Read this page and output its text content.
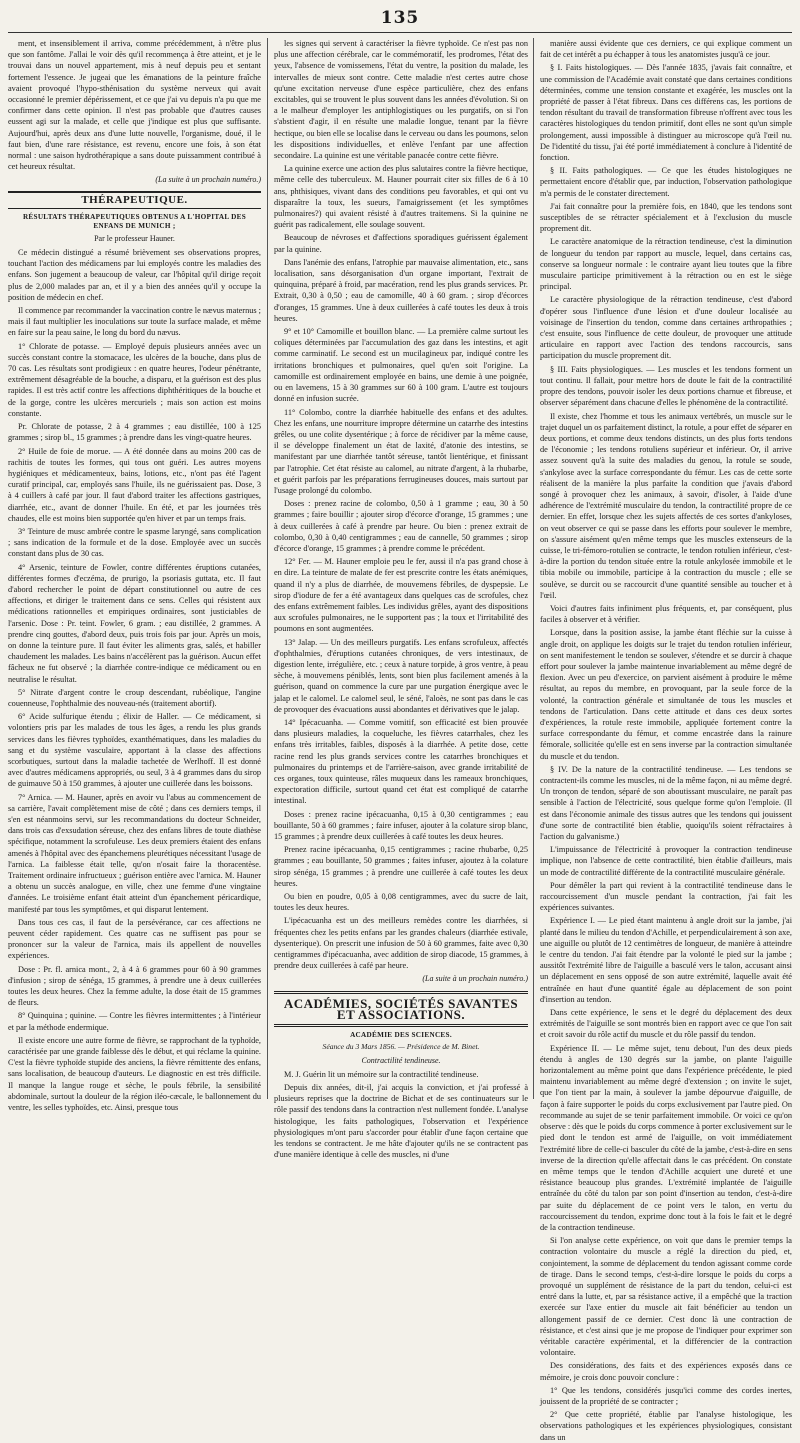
135

ment, et insensiblement il arriva, comme précédemment, à n'être plus que son fantôme. J'allai le voir dès qu'il recommença à être atteint, et je le trouvai dans un nouvel appartement, mis à neuf depuis peu et sentant fortement l'essence. Je jugeai que les émanations de la peinture fraîche avaient provoqué l'hypo-sthénisation du système nerveux qui avait occasionné le premier dépérissement, et ce que j'ai vu depuis n'a pu que me confirmer dans cette opinion. Il n'est pas probable que d'autres causes eussent agi sur la malade, et celle que j'indique est plus que suffisante. Aujourd'hui, après deux ans d'une lutte nouvelle, l'organisme, doué, il le faut bien, d'une rare résistance, est revenu, encore une fois, à son état normal : une saison hydrothérapique a sans doute puissamment contribué à cet heureux résultat.

(La suite à un prochain numéro.)
THÉRAPEUTIQUE.
RÉSULTATS THÉRAPEUTIQUES OBTENUS A L'HOPITAL DES ENFANS DE MUNICH ;
Par le professeur Hauner.

Ce médecin distingué a résumé brièvement ses observations propres, touchant l'action des médicamens par lui employés contre les maladies des enfans. Son jugement a beaucoup de valeur, car l'hôpital qu'il dirige reçoit plus de 2,000 malades par an, et il y a bien des années qu'il y occupe la position de médecin en chef.

Il commence par recommander la vaccination contre le nævus maternus ; mais il faut multiplier les inoculations sur toute la surface malade, et même en faire sur la peau saine, le long du bord du nævus.

1° Chlorate de potasse. — Employé depuis plusieurs années avec un succès constant contre la stomacace, les ulcères de la bouche, dans plus de 70 cas. Les résultats sont prodigieux : en quatre heures, l'odeur pénétrante, extrêmement désagréable de la bouche, a disparu, et la guérison est des plus rapides. Il est très actif contre les affections diphthéritiques de la bouche et de la gorge, contre les ulcères mercuriels ; mais son action est moins constante.

Pr. Chlorate de potasse, 2 à 4 grammes ; eau distillée, 100 à 125 grammes ; sirop bl., 15 grammes ; à prendre dans les vingt-quatre heures.

2° Huile de foie de morue. — A été donnée dans au moins 200 cas de rachitis de toutes les formes, qui tous ont guéri. Les autres moyens hygiéniques et médicamenteux, bains, lotions, etc., n'ont pas été l'agent curatif principal, car, employés sans l'huile, ils ne guérissaient pas. Dose, 3 à 4 cuillers à café par jour. Il faut d'abord traiter les affections gastriques, diarrhée, etc., avant de donner l'huile. En été, et par les journées très chaudes, elle est moins bien supportée qu'en hiver et par un temps frais.

3° Teinture de musc ambrée contre le spasme laryngé, sans complication ; sans indication de la formule et de la dose. Employée avec un succès constant dans plus de 30 cas.

4° Arsenic, teinture de Fowler, contre différentes éruptions cutanées, différentes formes d'eczéma, de prurigo, la psoriasis guttata, etc. Il faut d'abord rechercher le point de départ constitutionnel ou autre de ces affections, et diriger le traitement dans ce sens. Celles qui résistent aux médications rationnelles et empiriques ordinaires, sont justiciables de l'arsenic. Dose : Pr. teint. Fowler, 6 gram. ; eau distillée, 2 grammes. A prendre cinq gouttes, d'abord deux, puis trois fois par jour. Après un mois, on donne la teinture pure. Il faut éviter les aliments gras, salés, et habiller chaudement les malades. Les bains n'accélèrent pas la guérison. Aucun effet fâcheux ne fut observé ; la diarrhée contre-indique ce médicament ou en neutralise le résultat.

5° Nitrate d'argent contre le croup descendant, rubéolique, l'angine couenneuse, l'ophthalmie des nouveau-nés (traitement abortif).

6° Acide sulfurique étendu ; élixir de Haller. — Ce médicament, si volontiers pris par les malades de tous les âges, a rendu les plus grands services dans les fièvres typhoïdes, exanthématiques, dans les maladies du sang et du système vasculaire, apportant à la classe des affections scorbutiques, surtout dans la maladie tachetée de Werlhoff. Il est donné avec d'autres médicamens appropriés, ou seul, 3 à 4 grammes dans du sirop de guimauve 50 à 150 grammes, à ajouter une cuillerée dans les boissons.

7° Arnica. — M. Hauner, après en avoir vu l'abus au commencement de sa carrière, l'avait complètement mise de côté ; dans ces derniers temps, il s'en est néanmoins servi, sur les recommandations du docteur Schneider, dans trois cas d'exsudation séreuse, chez des enfans libres de toute diathèse spécifique, notamment la scrofuleuse. Les deux premiers étaient des enfans amenés à l'hôpital avec des épanchemens pleurétiques nécessitant l'usage de l'arnica. La faiblesse était telle, qu'on n'osait faire la thoracentèse. Traitement ordinaire infructueux ; guérison entière avec l'arnica. M. Hauner a obtenu un succès analogue, en ville, chez une femme d'une vingtaine d'années. Le troisième enfant était atteint d'un épanchement péricardique, manifesté par tous les symptômes, et qui disparut lentement.

Dans tous ces cas, il faut de la persévérance, car ces affections ne peuvent céder rapidement. Ces quatre cas ne suffisent pas pour se prononcer sur la valeur de l'arnica, mais ils appellent de nouvelles expériences.

Dose : Pr. fl. arnica mont., 2, à 4 à 6 grammes pour 60 à 90 grammes d'infusion ; sirop de sénéga, 15 grammes, à prendre une à deux cuillerées toutes les deux heures. Chez la femme adulte, la dose était de 15 grammes de fleurs.

8° Quinquina ; quinine. — Contre les fièvres intermittentes ; à l'intérieur et par la méthode endermique.

Il existe encore une autre forme de fièvre, se rapprochant de la typhoïde, caractérisée par une grande faiblesse dès le début, et qui réclame la quinine. C'est la fièvre typhoïde stupide des anciens, la fièvre rémittente des enfans, sans localisation, de beaucoup d'auteurs. Le diagnostic en est très difficile. Il manque la langue rouge et sèche, le pouls fébrile, la sensibilité abdominale, surtout la douleur de la région iléo-cæcale, le ballonnement du ventre, les selles typhoïdes, etc. Ainsi, presque tous

les signes qui servent à caractériser la fièvre typhoïde. Ce n'est pas non plus une affection cérébrale, car le commémoratif, les prodromes, l'état des yeux, l'absence de vomissemens, l'état du ventre, la position du malade, les intervalles de mieux sont contre. Cette maladie n'est certes autre chose qu'une excitation nerveuse d'une espèce particulière, chez des enfans excitables, qui se trouvent le plus souvent dans les années d'évolution. Si on a le malheur d'employer les antiphlogistiques ou les purgatifs, on si l'on s'abstient d'agir, il en résulte une maladie longue, tenant par la fièvre hectique, ou bien elle se localise dans le cerveau ou dans les poumons, selon les dispositions individuelles, et enlève l'enfant par une affection secondaire. La quinine est une véritable panacée contre cette fièvre.

La quinine exerce une action des plus salutaires contre la fièvre hectique, même celle des tuberculeux. M. Hauner pourrait citer six filles de 6 à 10 ans, phthisiques, vivant dans des conditions peu favorables, et qui ont vu disparaître la toux, les sueurs, l'amaigrissement (et les symptômes pulmonaires?) qui avaient résisté à d'autres traitemens. Si la quinine ne guérit pas radicalement, elle soulage souvent.

Beaucoup de névroses et d'affections sporadiques guérissent également par la quinine.

Dans l'anémie des enfans, l'atrophie par mauvaise alimentation, etc., sans localisation, sans désorganisation d'un organe important, l'extrait de quinquina, préparé à froid, par macération, rend les plus grands services. Pr. Extrait, 0,30 à 0,50 ; eau de camomille, 40 à 60 gram. ; sirop d'écorces d'oranges, 15 grammes. Une à deux cuillerées à café toutes les deux à trois heures.

9° et 10° Camomille et bouillon blanc. — La première calme surtout les coliques déterminées par l'accumulation des gaz dans les intestins, et agit comme carminatif. Le second est un mucilagineux par, indiqué contre les irritations bronchiques et pulmonaires, quel qu'en soit l'origine. La camomille est ordinairement employée en bains, une demie à une poignée, ou en lavemens, 15 à 30 grammes sur 60 à 100 gram. L'autre est toujours donné en infusion sucrée.

11° Colombo, contre la diarrhée habituelle des enfans et des adultes. Chez les enfans, une nourriture impropre détermine un catarrhe des intestins grêles, ou une colite dysentérique ; à force de récidiver par la même cause, il se développe finalement un état de laxité, d'atonie des intestins, se manifestant par une diarrhée tantôt séreuse, tantôt lientérique, et finissant par l'atrophie. Cet état résiste au calomel, au nitrate d'argent, à la rhubarbe, et guérit parfois par les préparations ferrugineuses douces, mais surtout par l'usage prolongé du colombo.

Doses : prenez racine de colombo, 0,50 à 1 gramme ; eau, 30 à 50 grammes ; faire bouillir ; ajouter sirop d'écorce d'orange, 15 grammes ; une à deux cuillerées à café à prendre par heure. Ou bien : prenez extrait de colombo, 0,30 à 0,40 centigrammes ; eau de cannelle, 50 grammes ; sirop d'écorce d'orange, 15 grammes ; à prendre comme le précédent.

12° Fer. — M. Hauner emploie peu le fer, aussi il n'a pas grand chose à en dire. La teinture de malate de fer est prescrite contre les états anémiques, quand il n'y a plus de diarrhée, de mouvemens fébriles, de dyspepsie. Le sirop d'iodure de fer a été avantageux dans quelques cas de scrofules, chez des enfans extrêmement faibles. Les individus grêles, ayant des dispositions aux scrofules pulmonaires, ne le supportent pas ; la toux et l'irritabilité des poumons en sont augmentées.

13° Jalap. — Un des meilleurs purgatifs. Les enfans scrofuleux, affectés d'ophthalmies, d'éruptions cutanées chroniques, de vers intestinaux, de digestion lente, irrégulière, etc. ; ceux à nature torpide, à gros ventre, à peau sèche, à mouvemens péniblés, lents, sont bien plus facilement amenés à la guérison, quand on commence la cure par une purgation énergique avec le jalap et le calomel. Le calomel seul, le séné, l'aloès, ne sont pas dans le cas de provoquer des évacuations aussi abondantes et dérivatives que le jalap.

14° Ipécacuanha. — Comme vomitif, son efficacité est bien prouvée dans plusieurs maladies, la coqueluche, les fièvres catarrhales, chez les enfans très irritables, faibles, disposés à la diarrhée. A petite dose, cette racine rend les plus grands services contre les catarrhes bronchiques et pulmonaires du printemps et de l'arrière-saison, avec grande irritabilité de ces organes, toux quinteuse, râles muqueux dans les rameaux bronchiques, expectoration difficile, surtout quand cet état est compliqué de catarrhe intestinal.

Doses : prenez racine ipécacuanha, 0,15 à 0,30 centigrammes ; eau bouillante, 50 à 60 grammes ; faire infuser, ajouter à la colature sirop blanc, 15 grammes ; à prendre deux cuillerées à café toutes les deux heures.

Prenez racine ipécacuanha, 0,15 centigrammes ; racine rhubarbe, 0,25 grammes ; eau bouillante, 50 grammes ; faites infuser, ajoutez à la colature sirop sénéga, 15 grammes ; à prendre une cuillerée à café toutes les deux heures.

Ou bien en poudre, 0,05 à 0,08 centigrammes, avec du sucre de lait, toutes les deux heures.

L'ipécacuanha est un des meilleurs remèdes contre les diarrhées, si fréquentes chez les petits enfans par les grandes chaleurs (diarrhée estivale, dysenterique). On prescrit une infusion de 50 à 60 grammes, faite avec 0,30 centigrammes d'ipécacuanha, avec addition de sirop diacode, 15 grammes, à prendre deux cuillerées à café par heure.

(La suite à un prochain numéro.)
ACADÉMIES, SOCIÉTÉS SAVANTES ET ASSOCIATIONS.
ACADÉMIE DES SCIENCES.
Séance du 3 Mars 1856. — Présidence de M. Binet.
Contractilité tendineuse.

M. J. Guérin lit un mémoire sur la contractilité tendineuse.

Depuis dix années, dit-il, j'ai acquis la conviction, et j'ai professé à plusieurs reprises que la doctrine de Bichat et de ses continuateurs sur le rôle passif des tendons dans la contraction n'est nullement fondée. L'analyse histologique, les faits pathologiques, l'observation et l'expérience physiologiques m'ont paru s'accorder pour établir d'une façon certaine que les tendons se contractent. Je me hâte d'ajouter qu'ils ne se contractent pas d'une manière identique à celle des muscles, ni d'une

manière aussi évidente que ces derniers, ce qui explique comment un fait de cet intérêt a pu échapper à tous les anatomistes jusqu'à ce jour.

§ I. Faits histologiques. — Dès l'année 1835, j'avais fait connaître, et une commission de l'Académie avait constaté que dans certaines conditions déterminées, comme une tension constante et exagérée, les muscles ont la propriété de passer à l'état fibreux. Dans ces différens cas, les portions de tendon résultant du travail de transformation fibreuse n'offrent avec tous les caractères histologiques du tendon primitif, dont elles ne sont qu'un simple prolongement, aussi impossible à distinguer au microscope qu'à l'œil nu. De l'identité du tissu, j'ai été porté immédiatement à conclure à l'identité de fonction.

§ II. Faits pathologiques. — Ce que les études histologiques ne permettaient encore d'établir que, par induction, l'observation pathologique m'a permis de le constater directement.

J'ai fait connaître pour la première fois, en 1840, que les tendons sont susceptibles de se rétracter spécialement et à l'exclusion du muscle proprement dit.

Le caractère anatomique de la rétraction tendineuse, c'est la diminution de longueur du tendon par rapport au muscle, lequel, dans certains cas, conserve sa longueur normale : le contraire ayant lieu toutes que la fibre musculaire participe primitivement à la rétraction ou en est le siège principal.

Le caractère physiologique de la rétraction tendineuse, c'est d'abord d'opérer sous l'influence d'une lésion et d'une douleur localisée au voisinage de l'insertion du tendon, comme dans certaines arthropathies ; c'est ensuite, sous l'influence de cette douleur, de provoquer une attitude articulaire en rapport avec l'action des tendons raccourcis, sans participation du muscle proprement dit.

§ III. Faits physiologiques. — Les muscles et les tendons forment un tout continu. Il fallait, pour mettre hors de doute le fait de la contractilité propre des tendons, pouvoir isoler les deux portions charnue et fibreuse, et observer séparément dans chacune d'elles le phénomène de la contractilité.

Il existe, chez l'homme et tous les animaux vertébrés, un muscle sur le trajet duquel un os parfaitement distinct, la rotule, a pour effet de séparer en deux portions, et comme deux tendons distincts, un des plus forts tendons de l'économie ; les tendons rotuliens supérieur et inférieur. Or, il arrive assez souvent qu'à la suite des maladies du genou, la rotule se soude, s'ankylose avec la surface correspondante du fémur. Les cas de cette sorte réalisent de la manière la plus parfaite la condition que j'avais d'abord songé à provoquer chez les animaux, à savoir, d'isoler, à l'aide d'une adhérence de l'extrémité musculaire du tendon, la contractilité propre de ce dernier. En effet, lorsque chez les sujets affectés de ces sortes d'ankyloses, on veut observer ce qui se passe dans les efforts pour soulever le membre, on s'assure aisément qu'en même temps que les muscles extenseurs de la cuisse, le tri-fémoro-rotulien se contracte, le tendon rotulien inférieur, c'est-à-dire la portion du tendon située entre la rotule ankylosée immobile et le tibia mobile ou immobile, participe à la contraction du muscle ; elle se soulève, se durcit ou se raccourcit d'une quantité sensible au toucher et à l'œil.

Voici d'autres faits infiniment plus fréquents, et, par conséquent, plus faciles à observer et à vérifier.

Lorsque, dans la position assise, la jambe étant fléchie sur la cuisse à angle droit, on applique les doigts sur le trajet du tendon rotulien inférieur, on sent manifestement le tendon se soulever, s'étendre et se durcir à chaque effort pour soulever la jambe maintenue invariablement au même degré de flexion. Avec un peu d'exercice, on parvient aisément à produire le même résultat, au repos du membre, en provoquant, par la seule force de la volonté, la contraction générale et simultanée de tous les muscles et tendons de l'articulation. Dans cette attitude et dans ces deux sortes d'expériences, la rotule reste immobile, appliquée fortement contre la surface correspondante du fémur, et comme encastrée dans la rainure fémorale, sollicitée qu'elle est en sens inverse par la contraction simultanée du muscle et du tendon.

§ IV. De la nature de la contractilité tendineuse. — Les tendons se contractent-ils comme les muscles, ni de la même façon, ni au même degré. Un tronçon de tendon, séparé de son aboutissant musculaire, ne paraît pas sensible à l'action de l'électricité, sous quelque forme qu'on l'emploie. (Il est dans l'économie animale des tissus autres que les tendons qui jouissent d'une sorte de contractilité bien établie, quoiqu'ils soient réfractaires à l'action du galvanisme.)

L'impuissance de l'électricité à provoquer la contraction tendineuse implique, non l'absence de cette contractilité, bien établie d'ailleurs, mais un mode de contractilité différente de la contractilité musculaire générale.

Pour démêler la part qui revient à la contractilité tendineuse dans le raccourcissement d'un muscle pendant la contraction, j'ai fait les expériences suivantes.

Expérience I. — Le pied étant maintenu à angle droit sur la jambe, j'ai planté dans le milieu du tendon d'Achille, et perpendiculairement à son axe, une aiguille ou plutôt de 12 centimètres de longueur, de manière à atteindre le centre du tendon. J'ai fait étendre par la volonté le pied sur la jambe ; aussitôt l'extrémité libre de l'aiguille a basculé vers le talon, accusant ainsi un déplacement en sens opposé de son autre extrémité, laquelle avait été entraînée en haut d'une quantité égale au déplacement de son point d'insertion au tendon.

Dans cette expérience, le sens et le degré du déplacement des deux extrémités de l'aiguille se sont montrés bien en rapport avec ce que l'on sait et croit savoir du rôle actif du muscle et du rôle passif du tendon.

Expérience II. — Le même sujet, tenu debout, l'un des deux pieds étendu à angles de 130 degrés sur la jambe, on plante l'aiguille horizontalement au même point que dans l'expérience précédente, le pied maintenu invariablement au même degré d'extension ; on invite le sujet, que l'on tient par la main, à soulever la jambe dépourvue d'aiguille, de façon à faire supporter le poids du corps exclusivement par l'autre pied. On recommande au sujet de se tenir parfaitement immobile. Or voici ce qu'on observe : dès que le poids du corps commence à porter exclusivement sur le pied dont le tendon est armé de l'aiguille, on voit immédiatement l'extrémité libre de celle-ci basculer du côté de la jambe, c'est-à-dire en sens inverse de la direction qu'elle affectait dans le cas précédent. On constate en même temps que le tendon d'Achille acquiert une dureté et une résistance beaucoup plus grandes. L'extrémité implantée de l'aiguille entraînée du côté du talon par son point d'insertion au tendon, c'est-à-dire par suite du déplacement de ce point vers le talon, en vertu du raccourcissement du tendon, exprime donc tout à la fois le fait et le degré de la contraction tendineuse.

Si l'on analyse cette expérience, on voit que dans le premier temps la contraction volontaire du muscle a réglé la direction du pied, et, conjointement, la somme de déplacement du tendon agissant comme corde de tirage. Dans le second temps, c'est-à-dire lorsque le poids du corps a provoqué un supplément de résistance de la part du tendon, celui-ci est entré dans la lutte, et, par sa résistance active, il a empêché que la traction exercée sur l'axe entier du muscle ait fait bénéficier au tendon un allongement passif de ce dernier. C'est donc là une contraction de résistance, et c'est ainsi que je me propose de l'indiquer pour exprimer son véritable caractère expérimental, et la différencier de la contraction volontaire.

Des considérations, des faits et des expériences exposés dans ce mémoire, je crois donc pouvoir conclure :

1° Que les tendons, considérés jusqu'ici comme des cordes inertes, jouissent de la propriété de se contracter ;

2° Que cette propriété, établie par l'analyse histologique, les observations pathologiques et les expériences physiologiques, consistant dans un
